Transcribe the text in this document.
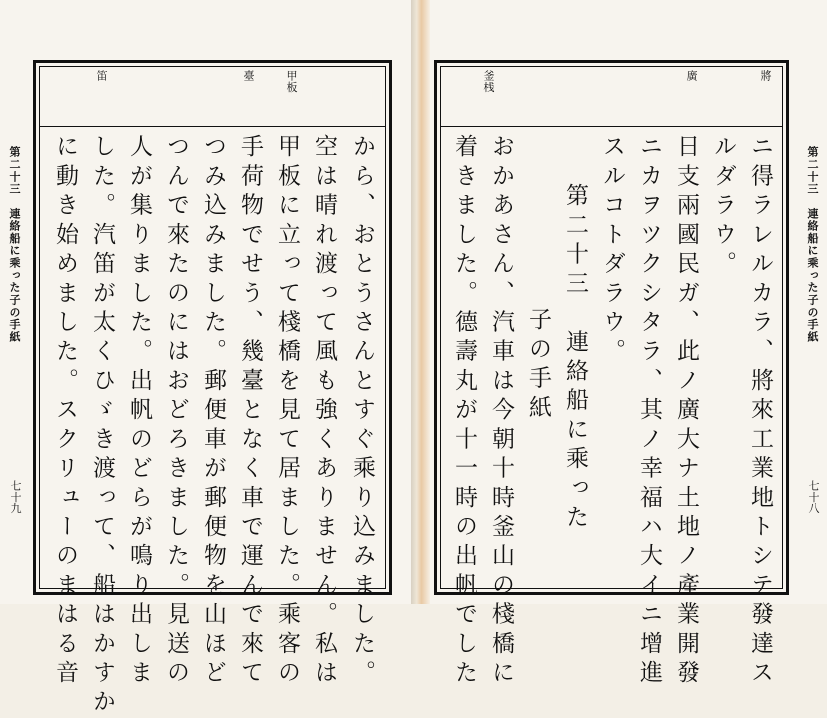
笛	臺	甲板
第二十三　連絡船に乘った子の手紙
七十九	から、おとうさんとすぐ乘り込みました。
空は晴れ渡って風も強くありません。私は
甲板に立って棧橋を見て居ました。乘客の
手荷物でせう、幾臺となく車で運んで來て
つみ込みました。郵便車が郵便物を山ほど
つんで來たのにはおどろきました。見送の
人が集りました。出帆のどらが鳴り出しま
した。汽笛が太くひゞき渡って、船はかすか
に動き始めました。スクリューのまはる音
將
廣
釜桟
第二十三　連絡船に乘った子の手紙
七十八
ニ得ラレルカラ、將來工業地トシテ發達ス
ルダラウ。
日支兩國民ガ、此ノ廣大ナ土地ノ產業開發
ニカヲツクシタラ、其ノ幸福ハ大イニ增進
スルコトダラウ。
第二十三　連絡船に乘った
子の手紙
おかあさん、汽車は今朝十時釜山の棧橋に
着きました。德壽丸が十一時の出帆でした
